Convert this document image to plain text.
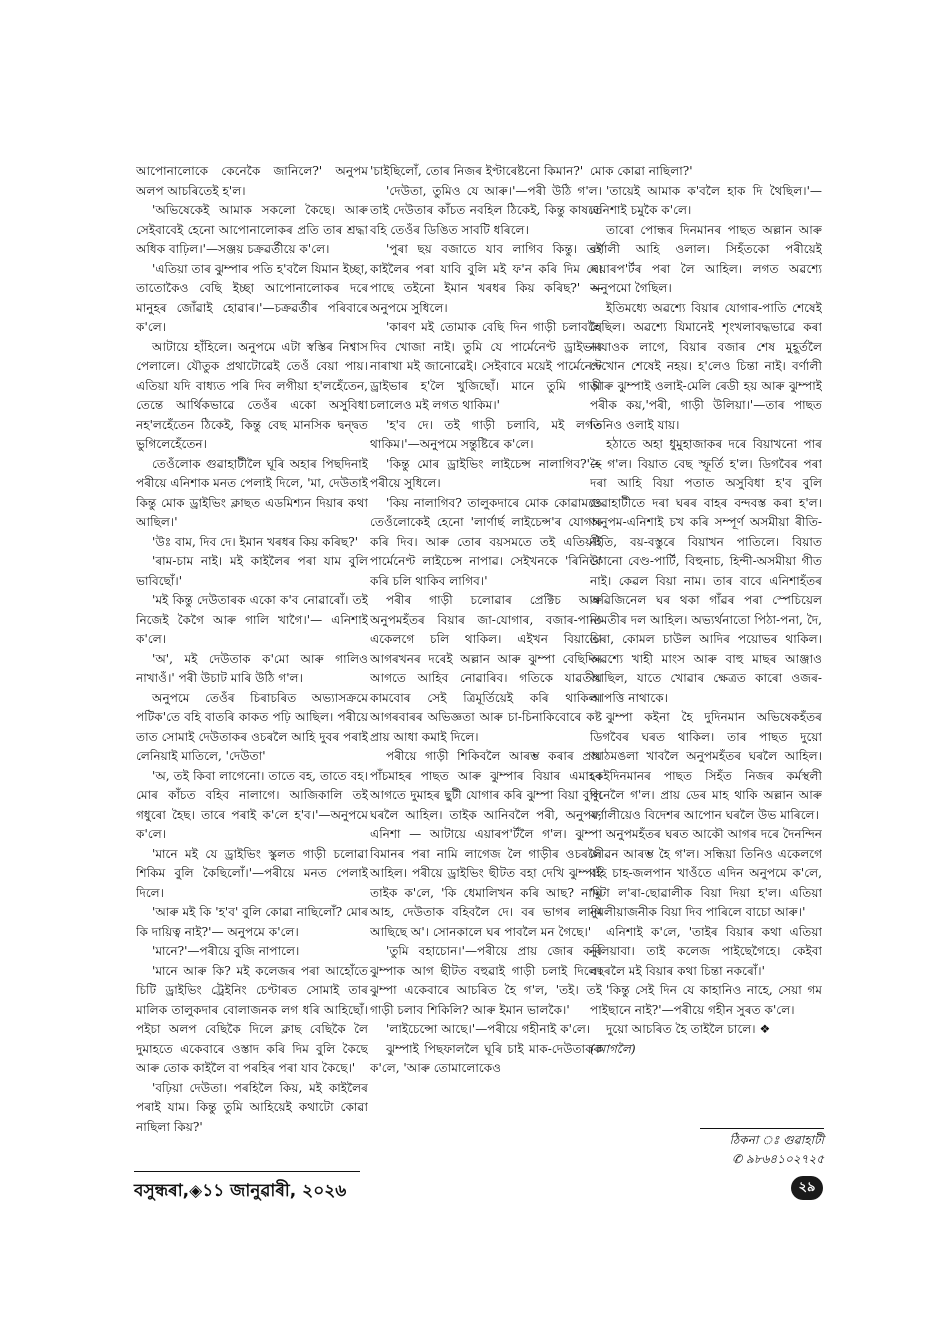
আপোনালোকে কেনেকৈ জানিলে?' অনুপম অলপ আচৰিতেই হ'ল।

'অভিষেকেই আমাক সকলো কৈছে। আৰু সেইবাবেই হেনো আপোনালোকৰ প্ৰতি তাৰ শ্ৰদ্ধা অধিক বাঢ়িল।'—সঞ্জয় চক্ৰৱৰ্তীয়ে ক'লে।

'এতিয়া তাৰ ঝুম্পাৰ পতি হ'বলৈ যিমান ইচ্ছা, তাতোকৈও বেছি ইচ্ছা আপোনালোকৰ দৰে মানুহৰ জোঁৱাই হোৱাৰ।'—চক্ৰৱৰ্তীৰ পৰিবাৰে ক'লে।

আটায়ে হাঁহিলে। অনুপমে এটা স্বস্তিৰ নিশ্বাস পেলালে। যৌতুক প্ৰথাটোৱেই তেওঁ বেয়া পায়। এতিয়া যদি বাধ্যত পৰি দিব লগীয়া হ'লহেঁতেন, তেন্তে আৰ্থিকভাৱে তেওঁৰ একো অসুবিধা নহ'লহেঁতেন ঠিকেই, কিন্তু বেছ মানসিক দ্বন্দ্বত ভুগিলেহেঁতেন।

তেওঁলোক গুৱাহাটীলৈ ঘূৰি অহাৰ পিছদিনাই পৰীয়ে এনিশাক মনত পেলাই দিলে, 'মা, দেউতাই কিন্তু মোক ড্ৰাইভিং ক্লাছত এডমিশ্যন দিয়াৰ কথা আছিল।'

'উঃ বাম, দিব দে। ইমান খৰধৰ কিয় কৰিছ?'

'ৰাম-চাম নাই। মই কাইলৈৰ পৰা যাম বুলি ভাবিছোঁ।'

'মই কিন্তু দেউতাৰক একো ক'ব নোৱাৰোঁ। তই নিজেই কৈগৈ আৰু গালি খাগৈ।'— এনিশাই ক'লে।

'অ', মই দেউতাক ক'মো আৰু গালিও নাখাওঁ।' পৰী উচাট মাৰি উঠি গ'ল।

অনুপমে তেওঁৰ চিৰাচৰিত অভ্যাসক্ৰমে পটিক'তে বহি বাতৰি কাকত পঢ়ি আছিল। পৰীয়ে তাত সোমাই দেউতাকৰ ওচৰলৈ আহি দুবৰ পৰাই লেনিয়াই মাতিলে, 'দেউতা'

'অ, তই কিবা লাগেনো। তাতে বহ, তাতে বহ। মোৰ কাঁচত বহিব নালাগে। আজিকালি তই গধুৰো হৈছ। তাৰে পৰাই ক'লে হ'ব।'—অনুপমে ক'লে।

'মানে মই যে ড্ৰাইভিং স্কুলত গাড়ী চলোৱা শিকিম বুলি কৈছিলোঁ।'—পৰীয়ে মনত পেলাই দিলে।

'আৰু মই কি 'হ'ব' বুলি কোৱা নাছিলোঁ? মোৰ কি দায়িত্ব নাই?'— অনুপমে ক'লে।

'মানে?'—পৰীয়ে বুজি নাপালে।

'মানে আৰু কি? মই কলেজৰ পৰা আহোঁতে চিটি ড্ৰাইভিং ট্ৰেইনিং চেণ্টাৰত সোমাই তাৰ মালিক তালুকদাৰ বোলাজনক লগ ধৰি আহিছোঁ। পইচা অলপ বেছিকৈ দিলে ক্লাছ বেছিকৈ লৈ দুমাহতে একেবাৰে ওস্তাদ কৰি দিম বুলি কৈছে আৰু তোক কাইলৈ বা পৰহিৰ পৰা যাব কৈছে।'

'বঢ়িয়া দেউতা। পৰহিলৈ কিয়, মই কাইলৈৰ পৰাই যাম। কিন্তু তুমি আহিয়েই কথাটো কোৱা নাছিলা কিয়?'

'চাইছিলোঁ, তোৰ নিজৰ ইণ্টাৰেষ্টনো কিমান?'

'দেউতা, তুমিও যে আৰু।'—পৰী উঠি গ'ল। তাই দেউতাৰ কাঁচত নবহিল ঠিকেই, কিন্তু কাষতে বহি তেওঁৰ ডিঙিত সাবটি ধৰিলে।

'পুৰা ছয় বজাতে যাব লাগিব কিন্তু। তই কাইলৈৰ পৰা যাবি বুলি মই ফ'ন কৰি দিম দে। পাছে তইনো ইমান খৰধৰ কিয় কৰিছ?' —অনুপমে সুধিলে।

'কাৰণ মই তোমাক বেছি দিন গাড়ী চলাবলৈ দিব খোজা নাই। তুমি যে পাৰ্মেনেণ্ট ড্ৰাইভাৰ নাৰাখা মই জানোৱেই। সেইবাবে ময়েই পাৰ্মেনেণ্ট ড্ৰাইভাৰ হ'লৈ খুজিছোঁ। মানে তুমি গাড়ী চলালেও মই লগত থাকিম।'

'হ'ব দে। তই গাড়ী চলাবি, মই লগত থাকিম।'—অনুপমে সন্তুষ্টিৰে ক'লে।

'কিন্তু মোৰ ড্ৰাইভিং লাইচেন্স নালাগিব?'— পৰীয়ে সুধিলে।

'কিয় নালাগিব? তালুকদাৰে মোক কোৱামতে তেওঁলোকেই হেনো 'লাৰ্ণাৰ্ছ লাইচেন্স'ৰ যোগাৰ কৰি দিব। আৰু তোৰ বয়সমতে তই এতিয়াই পাৰ্মেনেণ্ট লাইচেন্স নাপাৱ। সেইখনকে 'ৰিনিউ' কৰি চলি থাকিব লাগিব।'

পৰীৰ গাড়ী চলোৱাৰ প্ৰেক্টিচ আৰু অনুপমহঁতৰ বিয়াৰ জা-যোগাৰ, বজাৰ-পাতি একেলগে চলি থাকিল। এইখন বিয়াতো আগৰখনৰ দৰেই অল্লান আৰু ঝুম্পা বেছিদিন আগতে আহিব নোৱাৰিব। গতিকে যাৱতীয় কামবোৰ সেই ত্ৰিমূৰ্তিয়েই কৰি থাকিল। আগৰবাৰৰ অভিজ্ঞতা আৰু চা-চিনাকিবোৰে কষ্ট প্ৰায় আধা কমাই দিলে।

পৰীয়ে গাড়ী শিকিবলৈ আৰম্ভ কৰাৰ প্ৰায় পাঁচমাহৰ পাছত আৰু ঝুম্পাৰ বিয়াৰ এমাহৰ আগতে দুমাহৰ ছুটী যোগাৰ কৰি ঝুম্পা বিয়া বুলি ঘৰলৈ আহিল। তাইক আনিবলৈ পৰী, অনুপম, এনিশা — আটায়ে এয়াৰপ'ৰ্টলৈ গ'ল। ঝুম্পা বিমানৰ পৰা নামি লাগেজ লৈ গাড়ীৰ ওচৰলৈ আহিল। পৰীয়ে ড্ৰাইভিং ছীটত বহা দেখি ঝুম্পাই তাইক ক'লে, 'কি ধেমালিখন কৰি আছ? নামি আহ, দেউতাক বহিবলৈ দে। বৰ ভাগৰ লাগি আছিছে অ'। সোনকালে ঘৰ পাবলৈ মন গৈছে।'

'তুমি বহাচোন।'—পৰীয়ে প্ৰায় জোৰ কৰি ঝুম্পাক আগ ছীটত বহুৱাই গাড়ী চলাই দিলে। ঝুম্পা একেবাৰে আচৰিত হৈ গ'ল, 'তই। তই গাড়ী চলাব শিকিলি? আৰু ইমান ভালকৈ।'

'লাইচেন্সো আছে।'—পৰীয়ে গহীনাই ক'লে।

ঝুম্পাই পিছফাললৈ ঘূৰি চাই মাক-দেউতাকক ক'লে, 'আৰু তোমালোকেও

মোক কোৱা নাছিলা?'

'তায়েই আমাক ক'বলৈ হাক দি থৈছিল।'— এনিশাই চমুকৈ ক'লে।

তাৰো পোন্ধৰ দিনমানৰ পাছত অল্লান আৰু বৰ্ণালী আহি ওলাল। সিহঁতকো পৰীয়েই এয়াৰপ'ৰ্টৰ পৰা লৈ আহিল। লগত অৱশ্যে অনুপমো গৈছিল।

ইতিমধ্যে অৱশ্যে বিয়াৰ যোগাৰ-পাতি শেষেই হৈছিল। অৱশ্যে যিমানেই শৃংখলাবদ্ধভাৱে কৰা নাযাওক লাগে, বিয়াৰ বজাৰ শেষ মুহূৰ্তলৈ দেখোন শেষেই নহয়। হ'লেও চিন্তা নাই। বৰ্ণালী আৰু ঝুম্পাই ওলাই-মেলি ৰেডী হয় আৰু ঝুম্পাই পৰীক কয়,'পৰী, গাড়ী উলিয়া।'—তাৰ পাছত তিনিও ওলাই যায়।

হঠাতে অহা ধুমুহাজাকৰ দৰে বিয়াখনো পাৰ হৈ গ'ল। বিয়াত বেছ স্ফূৰ্তি হ'ল। ডিগবৈৰ পৰা দৰা আহি বিয়া পতাত অসুবিধা হ'ব বুলি গুৱাহাটীতে দৰা ঘৰৰ বাহৰ বন্দবস্ত কৰা হ'ল। অনুপম-এনিশাই চখ কৰি সম্পূৰ্ণ অসমীয়া ৰীতি-নীতি, বয়-বস্তুৰে বিয়াখন পাতিলে। বিয়াত কোনো বেণ্ড-পাৰ্টি, বিহুনাচ, হিন্দী-অসমীয়া গীত নাই। কেৱল বিয়া নাম। তাৰ বাবে এনিশাহঁতৰ অৱিজিনেল ঘৰ থকা গাঁৱৰ পৰা স্পেচিয়েল নামতীৰ দল আহিল। অভ্যৰ্থনাতো পিঠা-পনা, দৈ, চিৰা, কোমল চাউল আদিৰ পয়োভৰ থাকিল। অৱশ্যে খাহী মাংস আৰু বাহু মাছৰ আঞ্জাও আছিল, যাতে খোৱাৰ ক্ষেত্ৰত কাৰো ওজৰ-আপত্তি নাথাকে।

ঝুম্পা কইনা হৈ দুদিনমান অভিষেকহঁতৰ ডিগবৈৰ ঘৰত থাকিল। তাৰ পাছত দুয়ো আঠমঙলা খাবলৈ অনুপমহঁতৰ ঘৰলৈ আহিল। কেইদিনমানৰ পাছত সিহঁত নিজৰ কৰ্মস্থলী পুনেলৈ গ'ল। প্ৰায় ডেৰ মাহ থাকি অল্লান আৰু বৰ্ণালীয়েও বিদেশৰ আপোন ঘৰলৈ উভ মাৰিলে।

অনুপমহঁতৰ ঘৰত আকৌ আগৰ দৰে দৈনন্দিন জীৱন আৰম্ভ হৈ গ'ল। সন্ধিয়া তিনিও একেলগে বহি চাহ-জলপান খাওঁতে এদিন অনুপমে ক'লে, 'দুটা ল'ৰা-ছোৱালীক বিয়া দিয়া হ'ল। এতিয়া নুমলীয়াজনীক বিয়া দিব পাৰিলে বাচো আৰু।'

এনিশাই ক'লে, 'তাইৰ বিয়াৰ কথা এতিয়া নুলিয়াবা। তাই কলেজ পাইছেগৈহে। কেইবা বছৰলৈ মই বিয়াৰ কথা চিন্তা নকৰোঁ।'

'কিন্তু সেই দিন যে কাহানিও নাহে, সেয়া গম পাইছানে নাই?'—পৰীয়ে গহীন সুৰত ক'লে।

দুয়ো আচৰিত হৈ তাইলৈ চালে। ❖

(আগলৈ)

ঠিকনা ঃ গুৱাহাটী
✆ ৯৮৬৪১০২৭২৫
বসুন্ধৰা,◈১১ জানুৱাৰী, ২০২৬	২৯
